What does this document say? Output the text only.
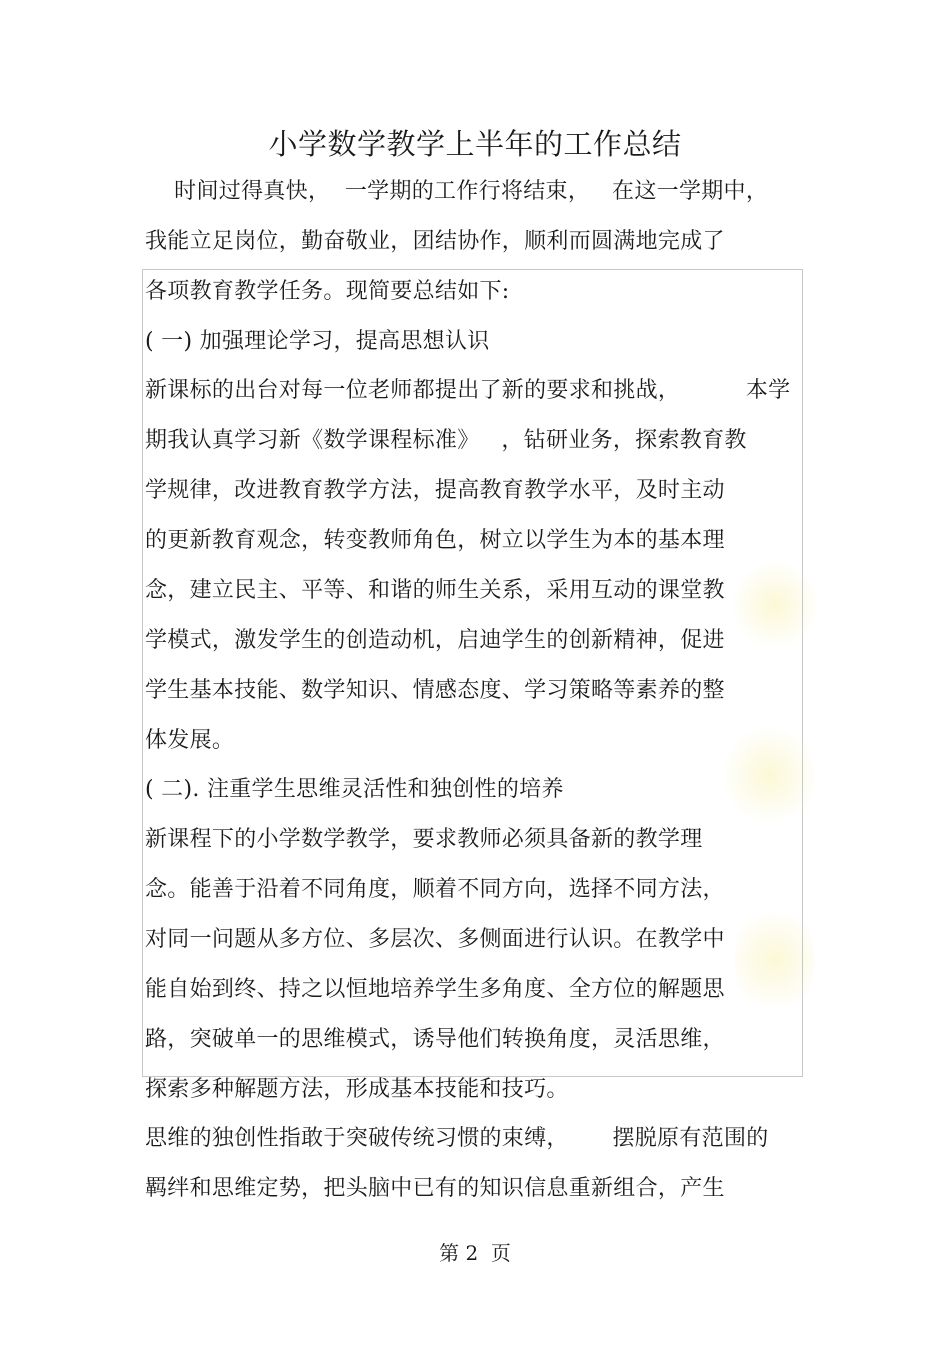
小学数学教学上半年的工作总结
时间过得真快，  一学期的工作行将结束，   在这一学期中，
我能立足岗位，勤奋敬业，团结协作，顺利而圆满地完成了
各项教育教学任务。现简要总结如下:
( 一) 加强理论学习，提高思想认识
新课标的出台对每一位老师都提出了新的要求和挑战，         本学
期我认真学习新《数学课程标准》   ，钻研业务，探索教育教
学规律，改进教育教学方法，提高教育教学水平，及时主动
的更新教育观念，转变教师角色，树立以学生为本的基本理
念，建立民主、平等、和谐的师生关系，采用互动的课堂教
学模式，激发学生的创造动机，启迪学生的创新精神，促进
学生基本技能、数学知识、情感态度、学习策略等素养的整
体发展。
( 二). 注重学生思维灵活性和独创性的培养
新课程下的小学数学教学，要求教师必须具备新的教学理
念。能善于沿着不同角度，顺着不同方向，选择不同方法，
对同一问题从多方位、多层次、多侧面进行认识。在教学中
能自始到终、持之以恒地培养学生多角度、全方位的解题思
路，突破单一的思维模式，诱导他们转换角度，灵活思维，
探索多种解题方法，形成基本技能和技巧。
思维的独创性指敢于突破传统习惯的束缚，      摆脱原有范围的
羁绊和思维定势，把头脑中已有的知识信息重新组合，产生
第 2  页
